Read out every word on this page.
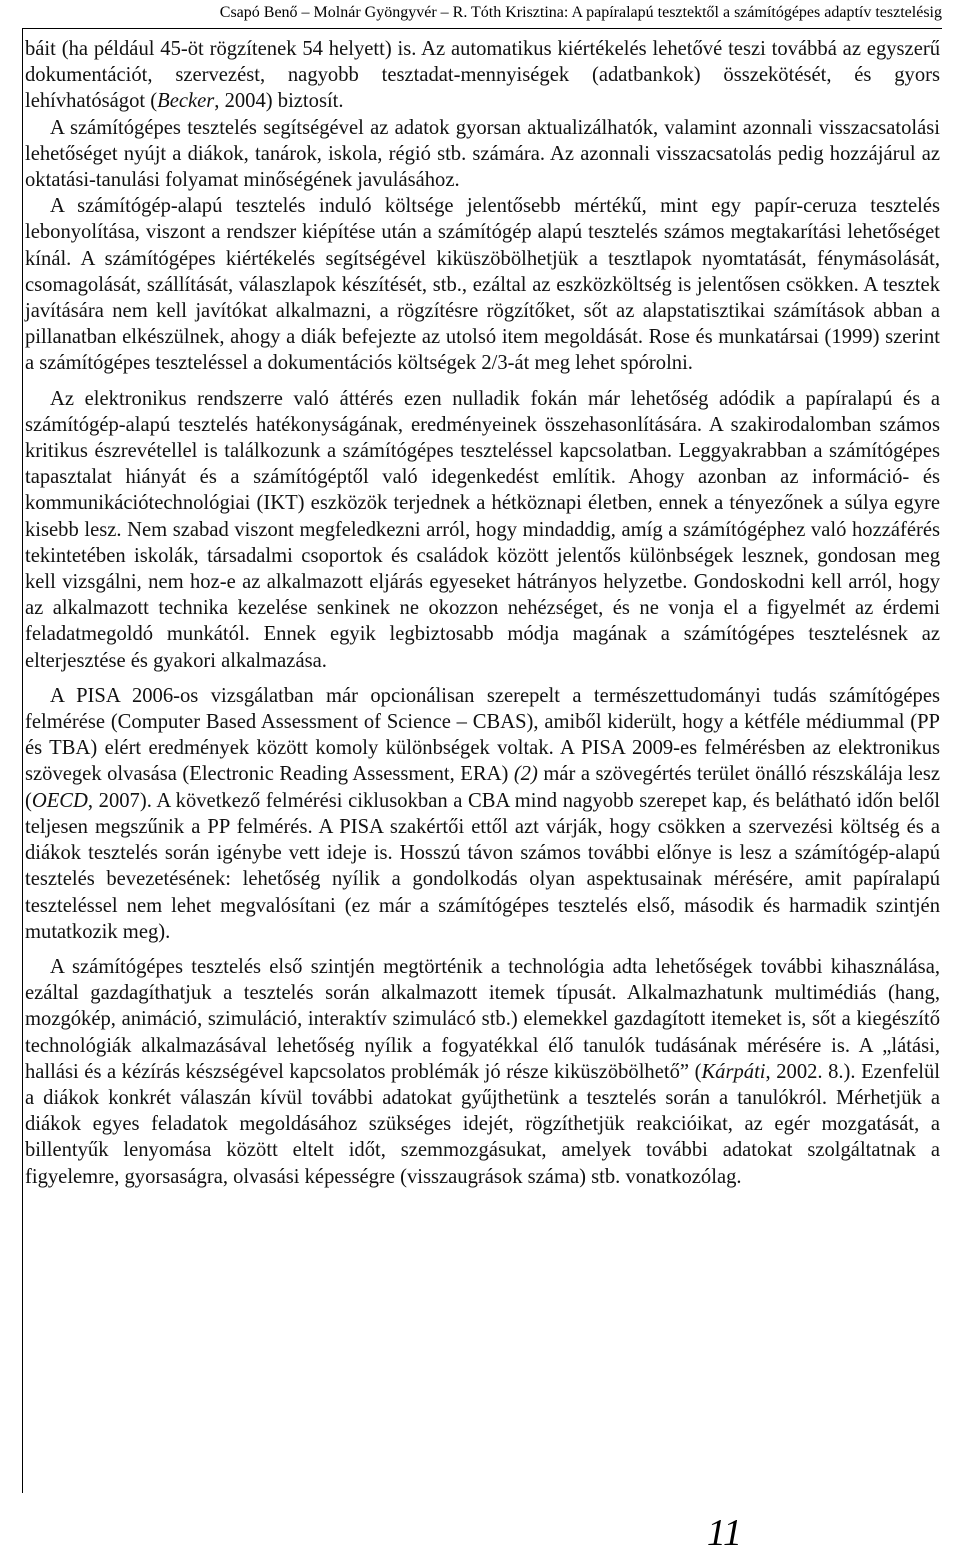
Csapó Benő – Molnár Gyöngyvér – R. Tóth Krisztina: A papíralapú tesztektől a számítógépes adaptív tesztelésig

báit (ha például 45-öt rögzítenek 54 helyett) is. Az automatikus kiértékelés lehetővé teszi továbbá az egyszerű dokumentációt, szervezést, nagyobb tesztadat-mennyiségek (adatbankok) összekötését, és gyors lehívhatóságot (Becker, 2004) biztosít.

A számítógépes tesztelés segítségével az adatok gyorsan aktualizálhatók, valamint azonnali visszacsatolási lehetőséget nyújt a diákok, tanárok, iskola, régió stb. számára. Az azonnali visszacsatolás pedig hozzájárul az oktatási-tanulási folyamat minőségének javulásához.

A számítógép-alapú tesztelés induló költsége jelentősebb mértékű, mint egy papír-ceruza tesztelés lebonyolítása, viszont a rendszer kiépítése után a számítógép alapú tesztelés számos megtakarítási lehetőséget kínál. A számítógépes kiértékelés segítségével kiküszöbölhetjük a tesztlapok nyomtatását, fénymásolását, csomagolását, szállítását, válaszlapok készítését, stb., ezáltal az eszközköltség is jelentősen csökken. A tesztek javítására nem kell javítókat alkalmazni, a rögzítésre rögzítőket, sőt az alapstatisztikai számítások abban a pillanatban elkészülnek, ahogy a diák befejezte az utolsó item megoldását. Rose és munkatársai (1999) szerint a számítógépes teszteléssel a dokumentációs költségek 2/3-át meg lehet spórolni.

Az elektronikus rendszerre való áttérés ezen nulladik fokán már lehetőség adódik a papíralapú és a számítógép-alapú tesztelés hatékonyságának, eredményeinek összehasonlítására. A szakirodalomban számos kritikus észrevétellel is találkozunk a számítógépes teszteléssel kapcsolatban. Leggyakrabban a számítógépes tapasztalat hiányát és a számítógéptől való idegenkedést említik. Ahogy azonban az információ- és kommunikációtechnológiai (IKT) eszközök terjednek a hétköznapi életben, ennek a tényezőnek a súlya egyre kisebb lesz. Nem szabad viszont megfeledkezni arról, hogy mindaddig, amíg a számítógéphez való hozzáférés tekintetében iskolák, társadalmi csoportok és családok között jelentős különbségek lesznek, gondosan meg kell vizsgálni, nem hoz-e az alkalmazott eljárás egyeseket hátrányos helyzetbe. Gondoskodni kell arról, hogy az alkalmazott technika kezelése senkinek ne okozzon nehézséget, és ne vonja el a figyelmét az érdemi feladatmegoldó munkától. Ennek egyik legbiztosabb módja magának a számítógépes tesztelésnek az elterjesztése és gyakori alkalmazása.

A PISA 2006-os vizsgálatban már opcionálisan szerepelt a természettudományi tudás számítógépes felmérése (Computer Based Assessment of Science – CBAS), amiből kiderült, hogy a kétféle médiummal (PP és TBA) elért eredmények között komoly különbségek voltak. A PISA 2009-es felmérésben az elektronikus szövegek olvasása (Electronic Reading Assessment, ERA) (2) már a szövegértés terület önálló részskálája lesz (OECD, 2007). A következő felmérési ciklusokban a CBA mind nagyobb szerepet kap, és belátható időn belől teljesen megszűnik a PP felmérés. A PISA szakértői ettől azt várják, hogy csökken a szervezési költség és a diákok tesztelés során igénybe vett ideje is. Hosszú távon számos további előnye is lesz a számítógép-alapú tesztelés bevezetésének: lehetőség nyílik a gondolkodás olyan aspektusainak mérésére, amit papíralapú teszteléssel nem lehet megvalósítani (ez már a számítógépes tesztelés első, második és harmadik szintjén mutatkozik meg).

A számítógépes tesztelés első szintjén megtörténik a technológia adta lehetőségek további kihasználása, ezáltal gazdagíthatjuk a tesztelés során alkalmazott itemek típusát. Alkalmazhatunk multimédiás (hang, mozgókép, animáció, szimuláció, interaktív szimulácó stb.) elemekkel gazdagított itemeket is, sőt a kiegészítő technológiák alkalmazásával lehetőség nyílik a fogyatékkal élő tanulók tudásának mérésére is. A „látási, hallási és a kézírás készségével kapcsolatos problémák jó része kiküszöbölhető” (Kárpáti, 2002. 8.). Ezenfelül a diákok konkrét válaszán kívül további adatokat gyűjthetünk a tesztelés során a tanulókról. Mérhetjük a diákok egyes feladatok megoldásához szükséges idejét, rögzíthetjük reakcióikat, az egér mozgatását, a billentyűk lenyomása között eltelt időt, szemmozgásukat, amelyek további adatokat szolgáltatnak a figyelemre, gyorsaságra, olvasási képességre (visszaugrások száma) stb. vonatkozólag.

11
